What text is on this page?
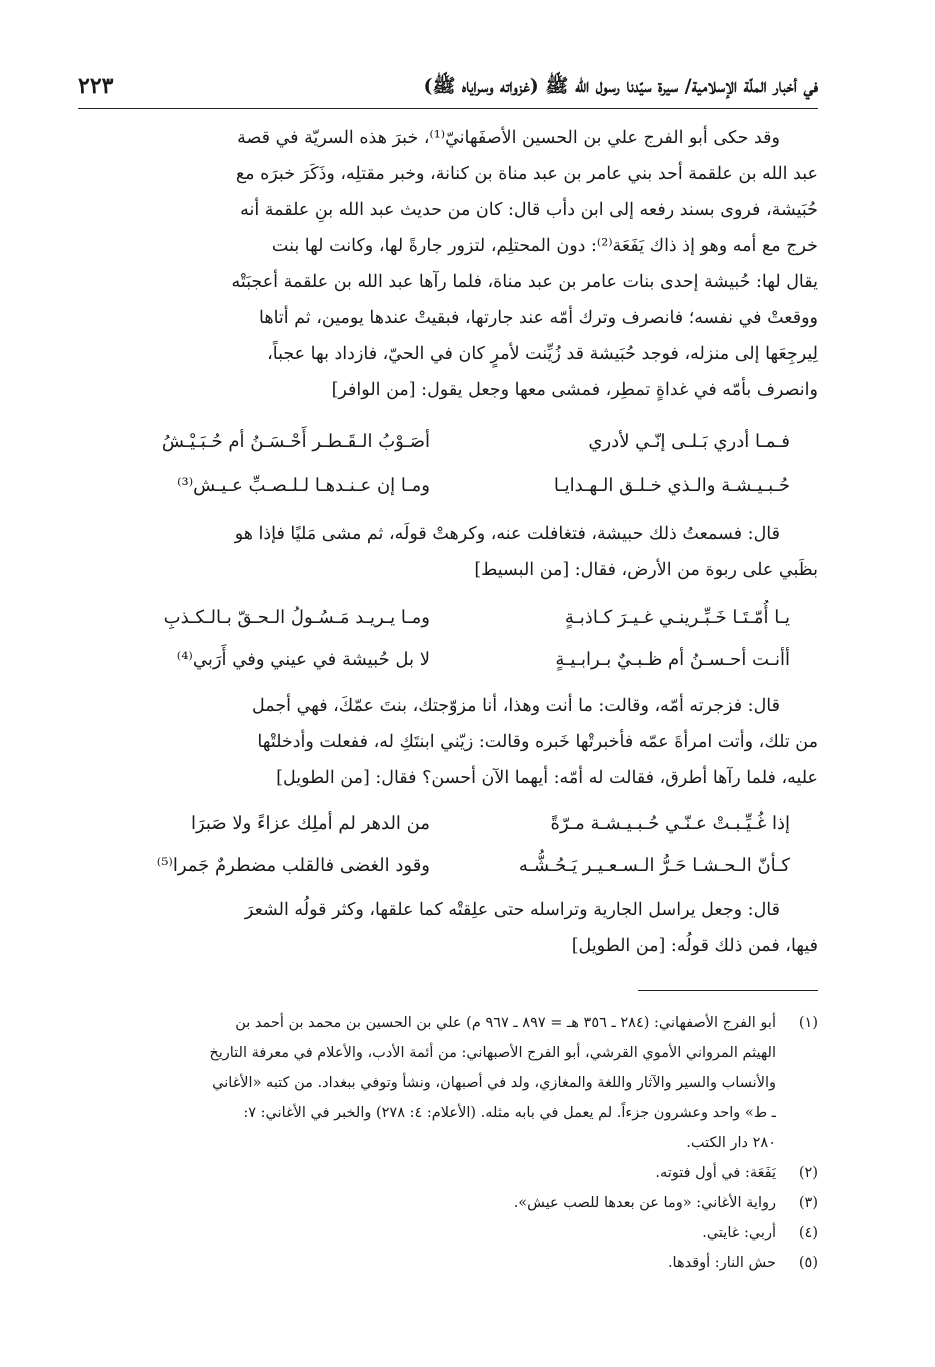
في أخبار الملّة الإسلامية/ سيرة سيّدنا رسول الله ﷺ (غزواته وسراياه ﷺ)
٢٢٣
وقد حكى أبو الفرج علي بن الحسين الأصفَهانيّ⁽¹⁾، خبرَ هذه السريّة في قصة
عبد الله بن علقمة أحد بني عامر بن عبد مناة بن كنانة، وخبر مقتلِه، وذَكَرَ خبرَه مع
حُبَيشة، فروى بسند رفعه إلى ابن دأب قال: كان من حديث عبد الله بنِ علقمة أنه
خرج مع أمه وهو إذ ذاك يَفَعَة⁽²⁾: دون المحتلِم، لتزور جارةً لها، وكانت لها بنت
يقال لها: حُبيشة إحدى بنات عامر بن عبد مناة، فلما رآها عبد الله بن علقمة أعجبَتْه
ووقعتْ في نفسه؛ فانصرف وترك أمّه عند جارتها، فبقيتْ عندها يومين، ثم أتاها
لِيرجِعَها إلى منزله، فوجد حُبَيشة قد زُيِّنت لأمرٍ كان في الحيّ، فازداد بها عجباً،
وانصرف بأمّه في غداةٍ تمطِر، فمشى معها وجعل يقول: [من الوافر]
فـمـا أدري بَـلـى إنّـي لأدري
أصَـوْبُ الـقَـطـر أَحْـسَـنُ أم حُـبَـيْـشُ
حُـبـيـشـة والـذي خـلـق الـهـدايـا
ومـا إن عـنـدهـا لـلـصـبِّ عـيـش⁽³⁾
قال: فسمعتُ ذلك حبيشة، فتغافلت عنه، وكرهتْ قولَه، ثم مشى مَليًا فإذا هو
بظَبي على ربوة من الأرض، فقال: [من البسيط]
يـا أُمّـتَـا خَـبِّـرينـي غـيـرَ كـاذبـةٍ
ومـا يـريـد مَـسُـولُ الـحـقّ بـالـكـذبِ
أأنـت أحـسـنُ أم ظـبـيٌ بـرابـيـةٍ
لا بل حُبيشة في عيني وفي أَرَبي⁽⁴⁾
قال: فزجرته أمّه، وقالت: ما أنت وهذا، أنا مزوّجتك، بنتَ عمّكَ، فهي أجمل
من تلك، وأتت امرأةَ عمّه فأخبرتْها خَبره وقالت: زيّني ابنتَكِ له، ففعلت وأدخلتْها
عليه، فلما رآها أطرق، فقالت له أمّه: أيهما الآن أحسن؟ فقال: [من الطويل]
إذا غُـيِّـبـتْ عـنّـي حُـبـيـشـة مـرّةً
من الدهر لم أملِك عزاءً ولا صَبرَا
كـأنّ الـحـشـا حَـرُّ الـسـعـيـر يَـحُـشُّـه
وقود الغضى فالقلب مضطرمٌ جَمرا⁽⁵⁾
قال: وجعل يراسل الجارية وتراسله حتى علِقتْه كما علقها، وكثر قولُه الشعرَ
فيها، فمن ذلك قولُه: [من الطويل]
(١)
أبو الفرج الأصفهاني: (٢٨٤ ـ ٣٥٦ هـ = ٨٩٧ ـ ٩٦٧ م) علي بن الحسين بن محمد بن أحمد بن
الهيثم المرواني الأموي القرشي، أبو الفرج الأصبهاني: من أئمة الأدب، والأعلام في معرفة التاريخ
والأنساب والسير والآثار واللغة والمغازي، ولد في أصبهان، ونشأ وتوفي ببغداد. من كتبه «الأغاني
ـ ط» واحد وعشرون جزءاً. لم يعمل في بابه مثله. (الأعلام: ٤: ٢٧٨) والخبر في الأغاني: ٧:
٢٨٠ دار الكتب.
(٢)
يَفَعَة: في أول فتوته.
(٣)
رواية الأغاني: «وما عن بعدها للصب عيش».
(٤)
أربي: غايتي.
(٥)
حش النار: أوقدها.
